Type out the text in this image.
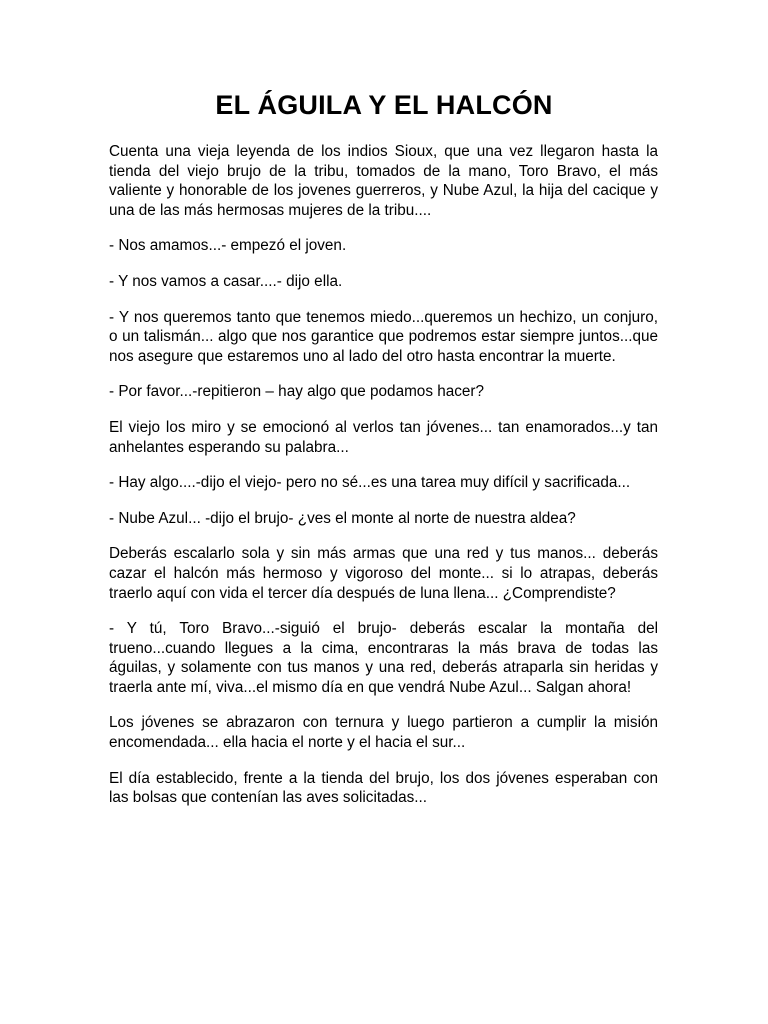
EL ÁGUILA Y EL HALCÓN

Cuenta una vieja leyenda de los indios Sioux, que una vez llegaron hasta la tienda del viejo brujo de la tribu, tomados de la mano, Toro Bravo, el más valiente y honorable de los jovenes guerreros, y Nube Azul, la hija del cacique y una de las más hermosas mujeres de la tribu....

- Nos amamos...- empezó el joven.

- Y nos vamos a casar....- dijo ella.

- Y nos queremos tanto que tenemos miedo...queremos un hechizo, un conjuro, o un talismán... algo que nos garantice que podremos estar siempre juntos...que nos asegure que estaremos uno al lado del otro hasta encontrar la muerte.

- Por favor...-repitieron – hay algo que podamos hacer?

El viejo los miro y se emocionó al verlos tan jóvenes... tan enamorados...y tan anhelantes esperando su palabra...

- Hay algo....-dijo el viejo- pero no sé...es una tarea muy difícil y sacrificada...

- Nube Azul... -dijo el brujo- ¿ves el monte al norte de nuestra aldea?

Deberás escalarlo sola y sin más armas que una red y tus manos... deberás cazar el halcón más hermoso y vigoroso del monte... si lo atrapas, deberás traerlo aquí con vida el tercer día después de luna llena... ¿Comprendiste?

- Y tú, Toro Bravo...-siguió el brujo- deberás escalar la montaña del trueno...cuando llegues a la cima, encontraras la más brava de todas las águilas, y solamente con tus manos y una red, deberás atraparla sin heridas y traerla ante mí, viva...el mismo día en que vendrá Nube Azul... Salgan ahora!

Los jóvenes se abrazaron con ternura y luego partieron a cumplir la misión encomendada... ella hacia el norte y el hacia el sur...

El día establecido, frente a la tienda del brujo, los dos jóvenes esperaban con las bolsas que contenían las aves solicitadas...
